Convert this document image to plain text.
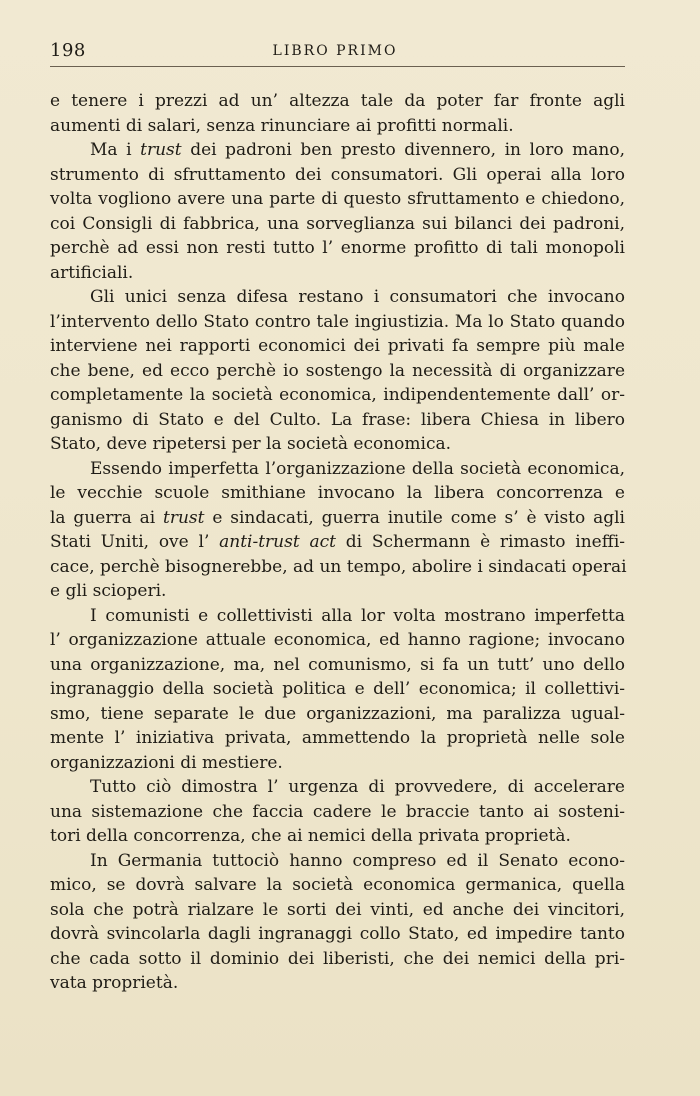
198	LIBRO PRIMO
e tenere i prezzi ad un’ altezza tale da poter far fronte agli
aumenti di salari, senza rinunciare ai profitti normali.
Ma i trust dei padroni ben presto divennero, in loro mano,
strumento di sfruttamento dei consumatori. Gli operai alla loro
volta vogliono avere una parte di questo sfruttamento e chiedono,
coi Consigli di fabbrica, una sorveglianza sui bilanci dei padroni,
perchè ad essi non resti tutto l’ enorme profitto di tali monopoli
artificiali.
Gli unici senza difesa restano i consumatori che invocano
l’intervento dello Stato contro tale ingiustizia. Ma lo Stato quando
interviene nei rapporti economici dei privati fa sempre più male
che bene, ed ecco perchè io sostengo la necessità di organizzare
completamente la società economica, indipendentemente dall’ or-
ganismo di Stato e del Culto. La frase: libera Chiesa in libero
Stato, deve ripetersi per la società economica.
Essendo imperfetta l’organizzazione della società economica,
le vecchie scuole smithiane invocano la libera concorrenza e
la guerra ai trust e sindacati, guerra inutile come s’ è visto agli
Stati Uniti, ove l’ anti-trust act di Schermann è rimasto ineffi-
cace, perchè bisognerebbe, ad un tempo, abolire i sindacati operai
e gli scioperi.
I comunisti e collettivisti alla lor volta mostrano imperfetta
l’ organizzazione attuale economica, ed hanno ragione; invocano
una organizzazione, ma, nel comunismo, si fa un tutt’ uno dello
ingranaggio della società politica e dell’ economica; il collettivi-
smo, tiene separate le due organizzazioni, ma paralizza ugual-
mente l’ iniziativa privata, ammettendo la proprietà nelle sole
organizzazioni di mestiere.
Tutto ciò dimostra l’ urgenza di provvedere, di accelerare
una sistemazione che faccia cadere le braccie tanto ai sosteni-
tori della concorrenza, che ai nemici della privata proprietà.
In Germania tuttociò hanno compreso ed il Senato econo-
mico, se dovrà salvare la società economica germanica, quella
sola che potrà rialzare le sorti dei vinti, ed anche dei vincitori,
dovrà svincolarla dagli ingranaggi collo Stato, ed impedire tanto
che cada sotto il dominio dei liberisti, che dei nemici della pri-
vata proprietà.
